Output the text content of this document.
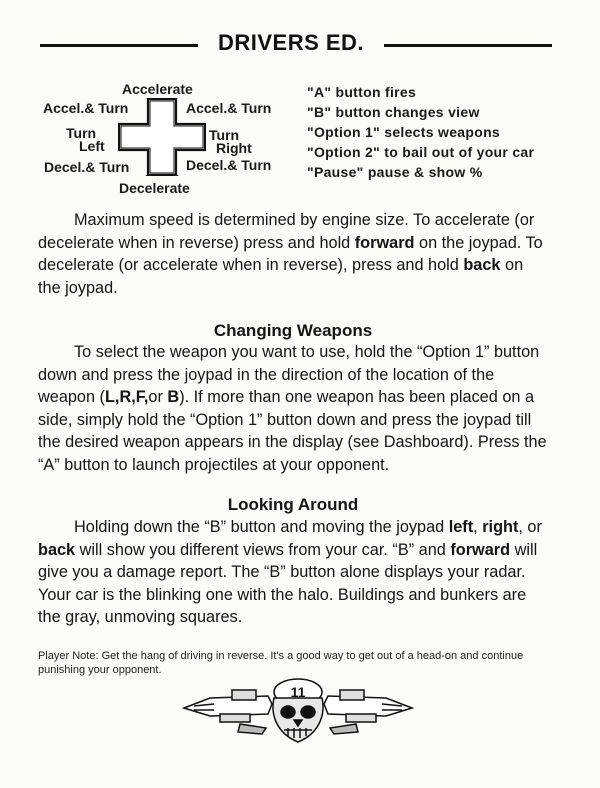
DRIVERS ED.
Accelerate
Accel.& Turn	Accel.& Turn
Turn
Left
Turn
Right
Decel.& Turn	Decel.& Turn
Decelerate
"A" button fires
"B" button changes view
"Option 1" selects weapons
"Option 2" to bail out of your car
"Pause" pause & show %

Maximum speed is determined by engine size. To accelerate (or decelerate when in reverse) press and hold forward on the joypad. To decelerate (or accelerate when in reverse), press and hold back on the joypad.

Changing Weapons

To select the weapon you want to use, hold the “Option 1” button down and press the joypad in the direction of the location of the weapon (L,R,F,or B). If more than one weapon has been placed on a side, simply hold the “Option 1” button down and press the joypad till the desired weapon appears in the display (see Dashboard). Press the “A” button to launch projectiles at your opponent.

Looking Around

Holding down the “B” button and moving the joypad left, right, or back will show you different views from your car. “B” and forward will give you a damage report. The “B” button alone displays your radar. Your car is the blinking one with the halo. Buildings and bunkers are the gray, unmoving squares.

Player Note: Get the hang of driving in reverse. It's a good way to get out of a head-on and continue punishing your opponent.

11
